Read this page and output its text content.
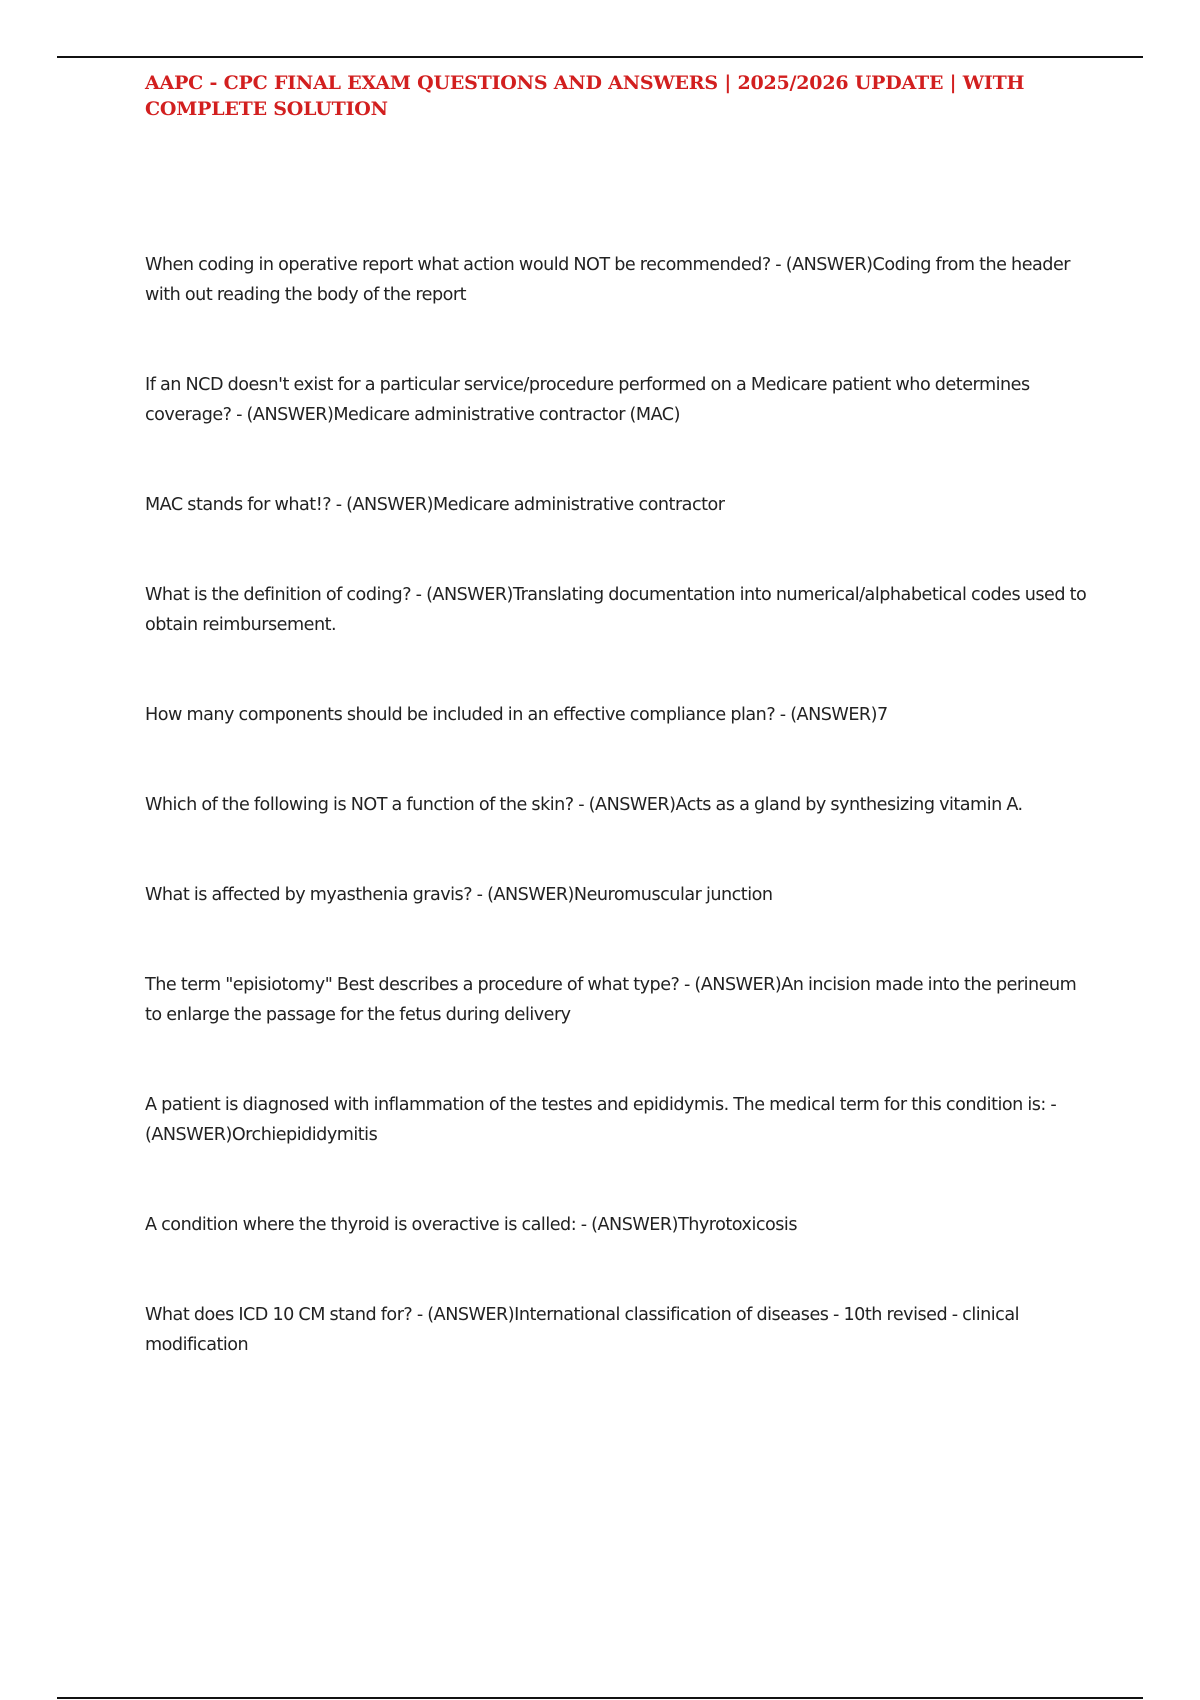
AAPC - CPC FINAL EXAM QUESTIONS AND ANSWERS | 2025/2026 UPDATE | WITH COMPLETE SOLUTION
When coding in operative report what action would NOT be recommended? - (ANSWER)Coding from the header with out reading the body of the report
If an NCD doesn't exist for a particular service/procedure performed on a Medicare patient who determines coverage? - (ANSWER)Medicare administrative contractor (MAC)
MAC stands for what!? - (ANSWER)Medicare administrative contractor
What is the definition of coding? - (ANSWER)Translating documentation into numerical/alphabetical codes used to obtain reimbursement.
How many components should be included in an effective compliance plan? - (ANSWER)7
Which of the following is NOT a function of the skin? - (ANSWER)Acts as a gland by synthesizing vitamin A.
What is affected by myasthenia gravis? - (ANSWER)Neuromuscular junction
The term "episiotomy" Best describes a procedure of what type? - (ANSWER)An incision made into the perineum to enlarge the passage for the fetus during delivery
A patient is diagnosed with inflammation of the testes and epididymis. The medical term for this condition is: - (ANSWER)Orchiepididymitis
A condition where the thyroid is overactive is called: - (ANSWER)Thyrotoxicosis
What does ICD 10 CM stand for? - (ANSWER)International classification of diseases - 10th revised - clinical modification
